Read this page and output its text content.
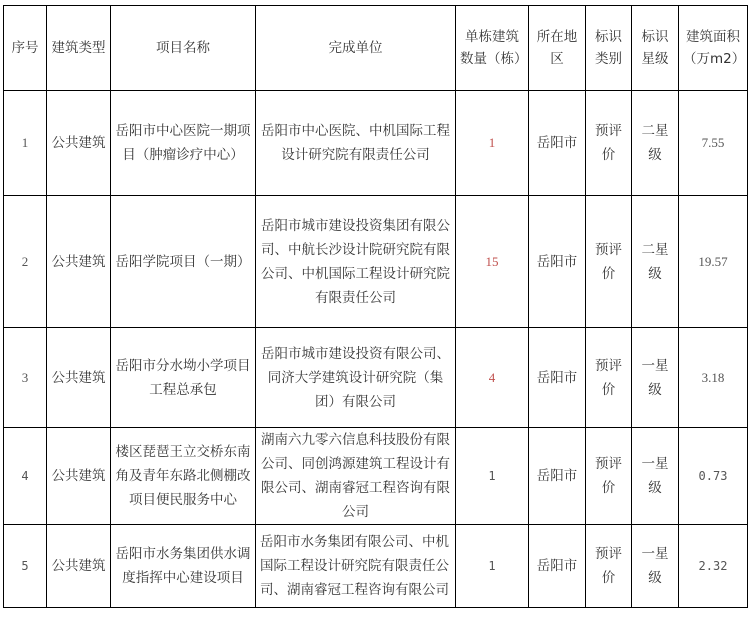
序号	建筑类型	项目名称	完成单位	单栋建筑数量（栋）	所在地区	标识类别	标识星级	建筑面积（万m2）
1	公共建筑	岳阳市中心医院一期项目（肿瘤诊疗中心）	岳阳市中心医院、中机国际工程设计研究院有限责任公司	1	岳阳市	预评价	二星级	7.55
2	公共建筑	岳阳学院项目（一期）	岳阳市城市建设投资集团有限公司、中航长沙设计院研究院有限公司、中机国际工程设计研究院有限责任公司	15	岳阳市	预评价	二星级	19.57
3	公共建筑	岳阳市分水坳小学项目工程总承包	岳阳市城市建设投资有限公司、同济大学建筑设计研究院（集团）有限公司	4	岳阳市	预评价	一星级	3.18
4	公共建筑	楼区琵琶王立交桥东南角及青年东路北侧棚改项目便民服务中心	湖南六九零六信息科技股份有限公司、同创鸿源建筑工程设计有限公司、湖南睿冠工程咨询有限公司	1	岳阳市	预评价	一星级	0.73
5	公共建筑	岳阳市水务集团供水调度指挥中心建设项目	岳阳市水务集团有限公司、中机国际工程设计研究院有限责任公司、湖南睿冠工程咨询有限公司	1	岳阳市	预评价	一星级	2.32
